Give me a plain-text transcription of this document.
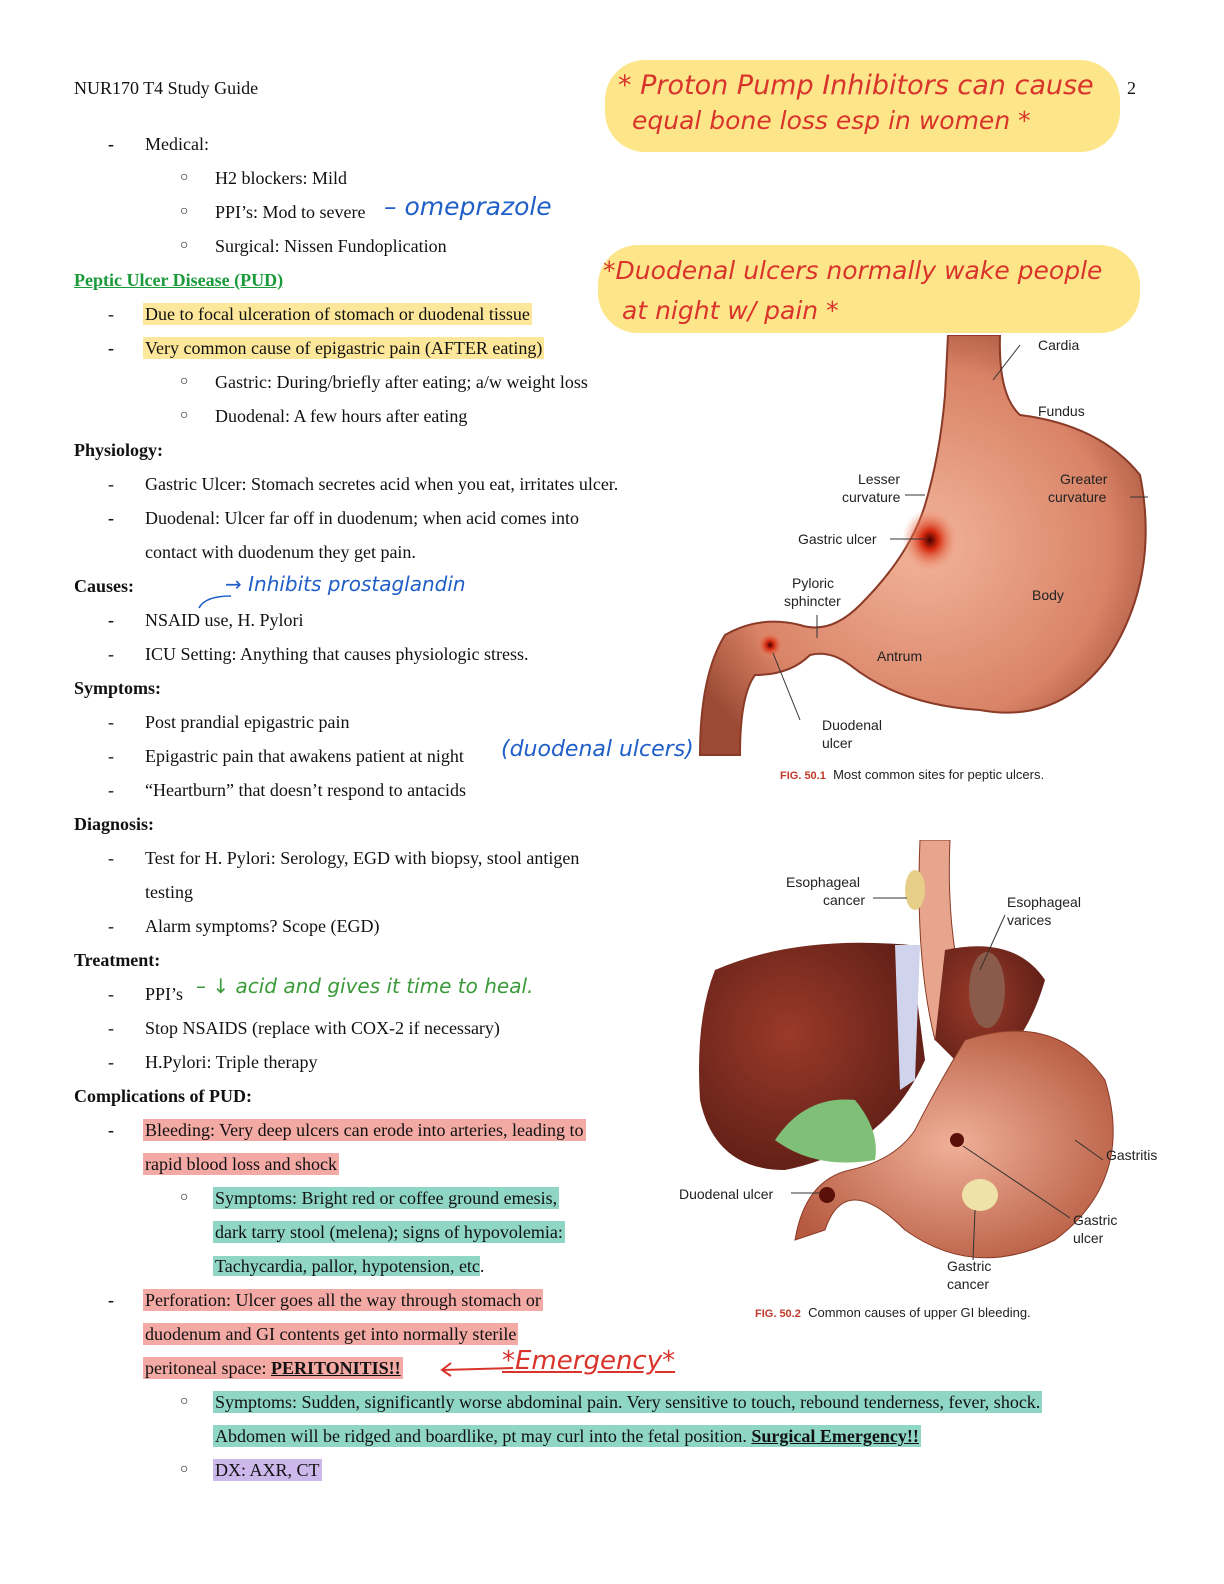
NUR170 T4 Study Guide	2
* Proton Pump Inhibitors can cause
equal bone loss esp in women *
*Duodenal ulcers normally wake people
at night w/ pain *
- Medical:
○ H2 blockers: Mild
○ PPI’s: Mod to severe – omeprazole
○ Surgical: Nissen Fundoplication
Peptic Ulcer Disease (PUD)
- Due to focal ulceration of stomach or duodenal tissue
- Very common cause of epigastric pain (AFTER eating)
○ Gastric: During/briefly after eating; a/w weight loss
○ Duodenal: A few hours after eating
Physiology:
- Gastric Ulcer: Stomach secretes acid when you eat, irritates ulcer.
- Duodenal: Ulcer far off in duodenum; when acid comes into
contact with duodenum they get pain.
Causes:	→ Inhibits prostaglandin
- NSAID use, H. Pylori
- ICU Setting: Anything that causes physiologic stress.
Symptoms:
- Post prandial epigastric pain
- Epigastric pain that awakens patient at night (duodenal ulcers)
- “Heartburn” that doesn’t respond to antacids
Diagnosis:
- Test for H. Pylori: Serology, EGD with biopsy, stool antigen
testing
- Alarm symptoms? Scope (EGD)
Treatment:
- PPI’s – ↓ acid and gives it time to heal.
- Stop NSAIDS (replace with COX-2 if necessary)
- H.Pylori: Triple therapy
Complications of PUD:
- Bleeding: Very deep ulcers can erode into arteries, leading to
rapid blood loss and shock
○ Symptoms: Bright red or coffee ground emesis,
dark tarry stool (melena); signs of hypovolemia:
Tachycardia, pallor, hypotension, etc.
- Perforation: Ulcer goes all the way through stomach or
duodenum and GI contents get into normally sterile
peritoneal space: PERITONITIS!!	*Emergency*
○ Symptoms: Sudden, significantly worse abdominal pain. Very sensitive to touch, rebound tenderness, fever, shock.
Abdomen will be ridged and boardlike, pt may curl into the fetal position. Surgical Emergency!!
○ DX: AXR, CT
Cardia
Fundus
Lesser
curvature
Greater
curvature
Gastric ulcer
Pyloric
sphincter	Body
Antrum
Duodenal
ulcer
FIG. 50.1 Most common sites for peptic ulcers.
Esophageal
cancer	Esophageal
varices
Gastritis
Duodenal ulcer
Gastric
ulcer
Gastric
cancer
FIG. 50.2 Common causes of upper GI bleeding.
